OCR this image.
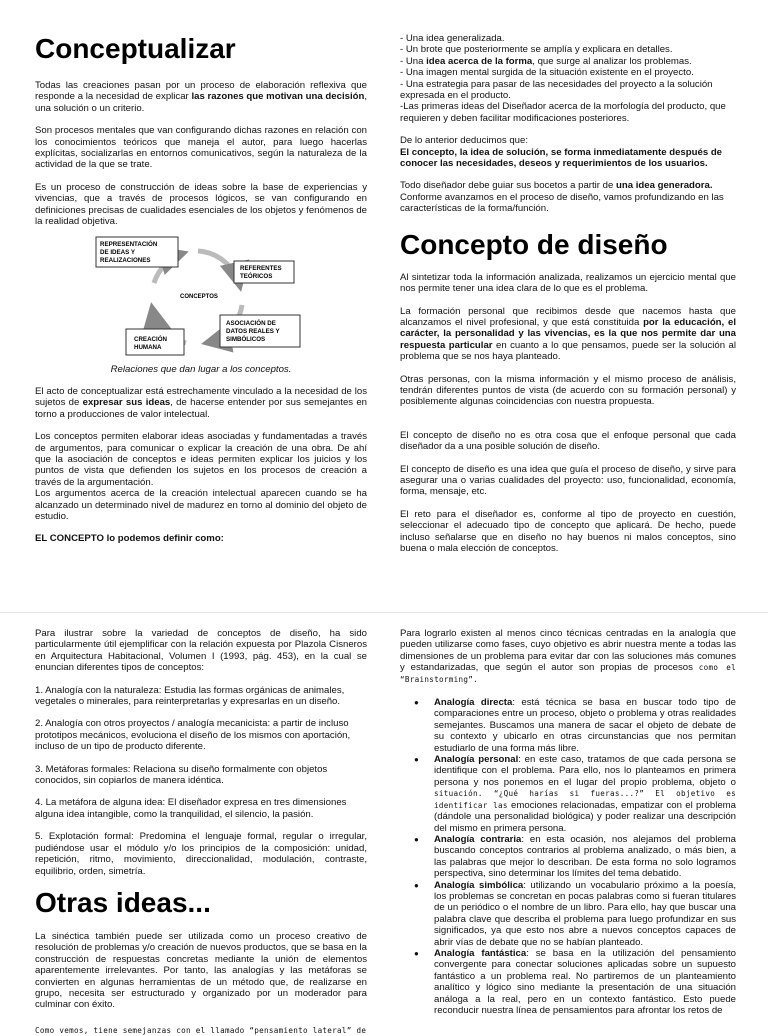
Conceptualizar

Todas las creaciones pasan por un proceso de elaboración reflexiva que responde a la necesidad de explicar las razones que motivan una decisión, una solución o un criterio.

Son procesos mentales que van configurando dichas razones en relación con los conocimientos teóricos que maneja el autor, para luego hacerlas explícitas, socializarlas en entornos comunicativos, según la naturaleza de la actividad de la que se trate.

Es un proceso de construcción de ideas sobre la base de experiencias y vivencias, que a través de procesos lógicos, se van configurando en definiciones precisas de cualidades esenciales de los objetos y fenómenos de la realidad objetiva.

REPRESENTACIÓN
DE IDEAS Y
REALIZACIONES
REFERENTES
TEÓRICOS
CONCEPTOS
CREACIÓN
HUMANA
ASOCIACIÓN DE
DATOS REALES Y
SIMBÓLICOS

Relaciones que dan lugar a los conceptos.

El acto de conceptualizar está estrechamente vinculado a la necesidad de los sujetos de expresar sus ideas, de hacerse entender por sus semejantes en torno a producciones de valor intelectual.

Los conceptos permiten elaborar ideas asociadas y fundamentadas a través de argumentos, para comunicar o explicar la creación de una obra. De ahí que la asociación de conceptos e ideas permiten explicar los juicios y los puntos de vista que defienden los sujetos en los procesos de creación a través de la argumentación.

Los argumentos acerca de la creación intelectual aparecen cuando se ha alcanzado un determinado nivel de madurez en torno al dominio del objeto de estudio.

EL CONCEPTO lo podemos definir como:

- Una idea generalizada.

- Un brote que posteriormente se amplía y explicara en detalles.

- Una idea acerca de la forma, que surge al analizar los problemas.

- Una imagen mental surgida de la situación existente en el proyecto.

- Una estrategia para pasar de las necesidades del proyecto a la solución expresada en el producto.

-Las primeras ideas del Diseñador acerca de la morfología del producto, que requieren y deben facilitar modificaciones posteriores.

De lo anterior deducimos que:

El concepto, la idea de solución, se forma inmediatamente después de conocer las necesidades, deseos y requerimientos de los usuarios.

Todo diseñador debe guiar sus bocetos a partir de una idea generadora. Conforme avanzamos en el proceso de diseño, vamos profundizando en las características de la forma/función.

Concepto de diseño

Al sintetizar toda la información analizada, realizamos un ejercicio mental que nos permite tener una idea clara de lo que es el problema.

La formación personal que recibimos desde que nacemos hasta que alcanzamos el nivel profesional, y que está constituida por la educación, el carácter, la personalidad y las vivencias, es la que nos permite dar una respuesta particular en cuanto a lo que pensamos, puede ser la solución al problema que se nos haya planteado.

Otras personas, con la misma información y el mismo proceso de análisis, tendrán diferentes puntos de vista (de acuerdo con su formación personal) y posiblemente algunas coincidencias con nuestra propuesta.

El concepto de diseño no es otra cosa que el enfoque personal que cada diseñador da a una posible solución de diseño.

El concepto de diseño es una idea que guía el proceso de diseño, y sirve para asegurar una o varias cualidades del proyecto: uso, funcionalidad, economía, forma, mensaje, etc.

El reto para el diseñador es, conforme al tipo de proyecto en cuestión, seleccionar el adecuado tipo de concepto que aplicará. De hecho, puede incluso señalarse que en diseño no hay buenos ni malos conceptos, sino buena o mala elección de conceptos.

Para ilustrar sobre la variedad de conceptos de diseño, ha sido particularmente útil ejemplificar con la relación expuesta por Plazola Cisneros en Arquitectura Habitacional, Volumen I (1993, pág. 453), en la cual se enuncian diferentes tipos de conceptos:

1. Analogía con la naturaleza: Estudia las formas orgánicas de animales, vegetales o minerales, para reinterpretarlas y expresarlas en un diseño.

2. Analogía con otros proyectos / analogía mecanicista: a partir de incluso prototipos mecánicos, evoluciona el diseño de los mismos con aportación, incluso de un tipo de producto diferente.

3. Metáforas formales: Relaciona su diseño formalmente con objetos conocidos, sin copiarlos de manera idéntica.

4. La metáfora de alguna idea: El diseñador expresa en tres dimensiones alguna idea intangible, como la tranquilidad, el silencio, la pasión.

5. Explotación formal: Predomina el lenguaje formal, regular o irregular, pudiéndose usar el módulo y/o los principios de la composición: unidad, repetición, ritmo, movimiento, direccionalidad, modulación, contraste, equilibrio, orden, simetría.

Otras ideas...

La sinéctica también puede ser utilizada como un proceso creativo de resolución de problemas y/o creación de nuevos productos, que se basa en la construcción de respuestas concretas mediante la unión de elementos aparentemente irrelevantes. Por tanto, las analogías y las metáforas se convierten en algunas herramientas de un método que, de realizarse en grupo, necesita ser estructurado y organizado por un moderador para culminar con éxito.

Como vemos, tiene semejanzas con el llamado “pensamiento lateral” de

Para lograrlo existen al menos cinco técnicas centradas en la analogía que pueden utilizarse como fases, cuyo objetivo es abrir nuestra mente a todas las dimensiones de un problema para evitar dar con las soluciones más comunes y estandarizadas, que según el autor son propias de procesos como el “Brainstorming”.

● Analogía directa: está técnica se basa en buscar todo tipo de comparaciones entre un proceso, objeto o problema y otras realidades semejantes. Buscamos una manera de sacar el objeto de debate de su contexto y ubicarlo en otras circunstancias que nos permitan estudiarlo de una forma más libre.
● Analogía personal: en este caso, tratamos de que cada persona se identifique con el problema. Para ello, nos lo planteamos en primera persona y nos ponemos en el lugar del propio problema, objeto o situación. “¿Qué harías si fueras...?” El objetivo es identificar las emociones relacionadas, empatizar con el problema (dándole una personalidad biológica) y poder realizar una descripción del mismo en primera persona.
● Analogía contraria: en esta ocasión, nos alejamos del problema buscando conceptos contrarios al problema analizado, o más bien, a las palabras que mejor lo describan. De esta forma no solo logramos perspectiva, sino determinar los límites del tema debatido.
● Analogía simbólica: utilizando un vocabulario próximo a la poesía, los problemas se concretan en pocas palabras como si fueran titulares de un periódico o el nombre de un libro. Para ello, hay que buscar una palabra clave que describa el problema para luego profundizar en sus significados, ya que esto nos abre a nuevos conceptos capaces de abrir vías de debate que no se habían planteado.
● Analogía fantástica: se basa en la utilización del pensamiento convergente para conectar soluciones aplicadas sobre un supuesto fantástico a un problema real. No partiremos de un planteamiento analítico y lógico sino mediante la presentación de una situación análoga a la real, pero en un contexto fantástico. Esto puede reconducir nuestra línea de pensamientos para afrontar los retos de
